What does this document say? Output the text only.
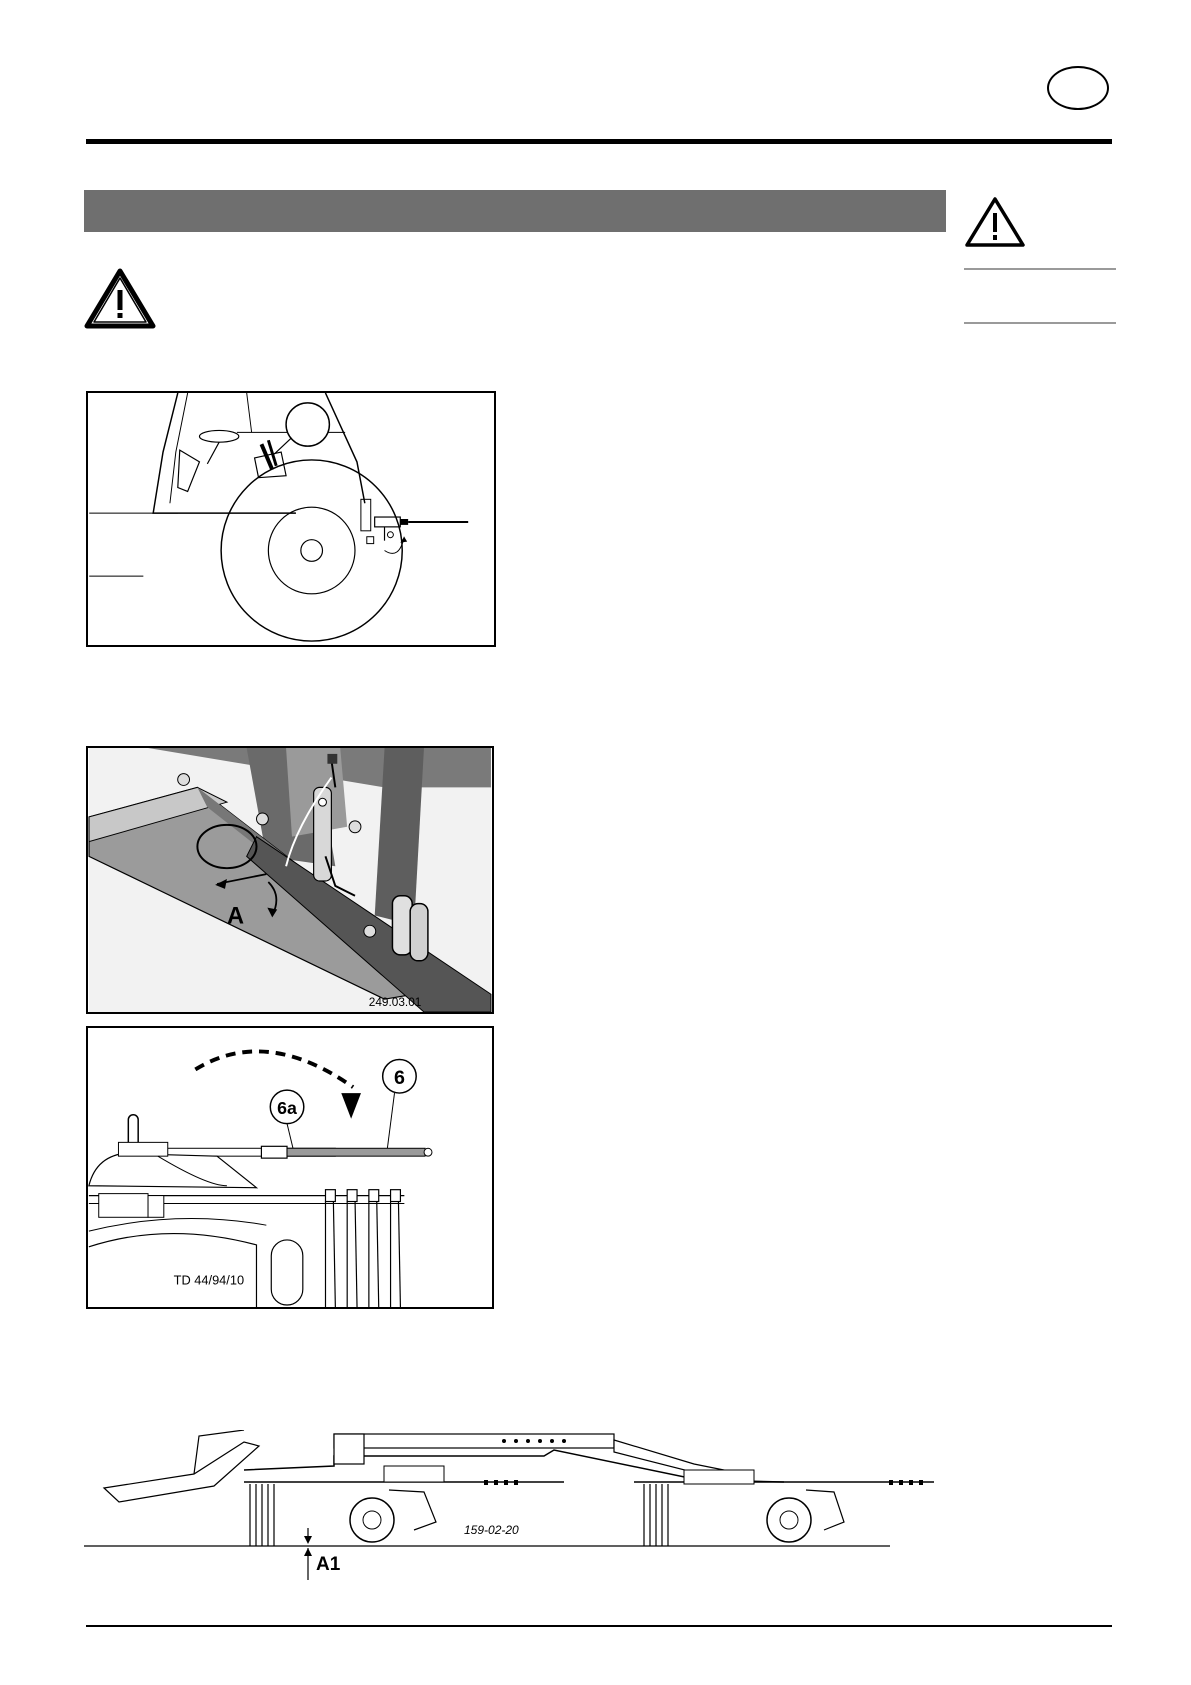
A
249.03.01
6a
6
TD 44/94/10
A1
159-02-20
